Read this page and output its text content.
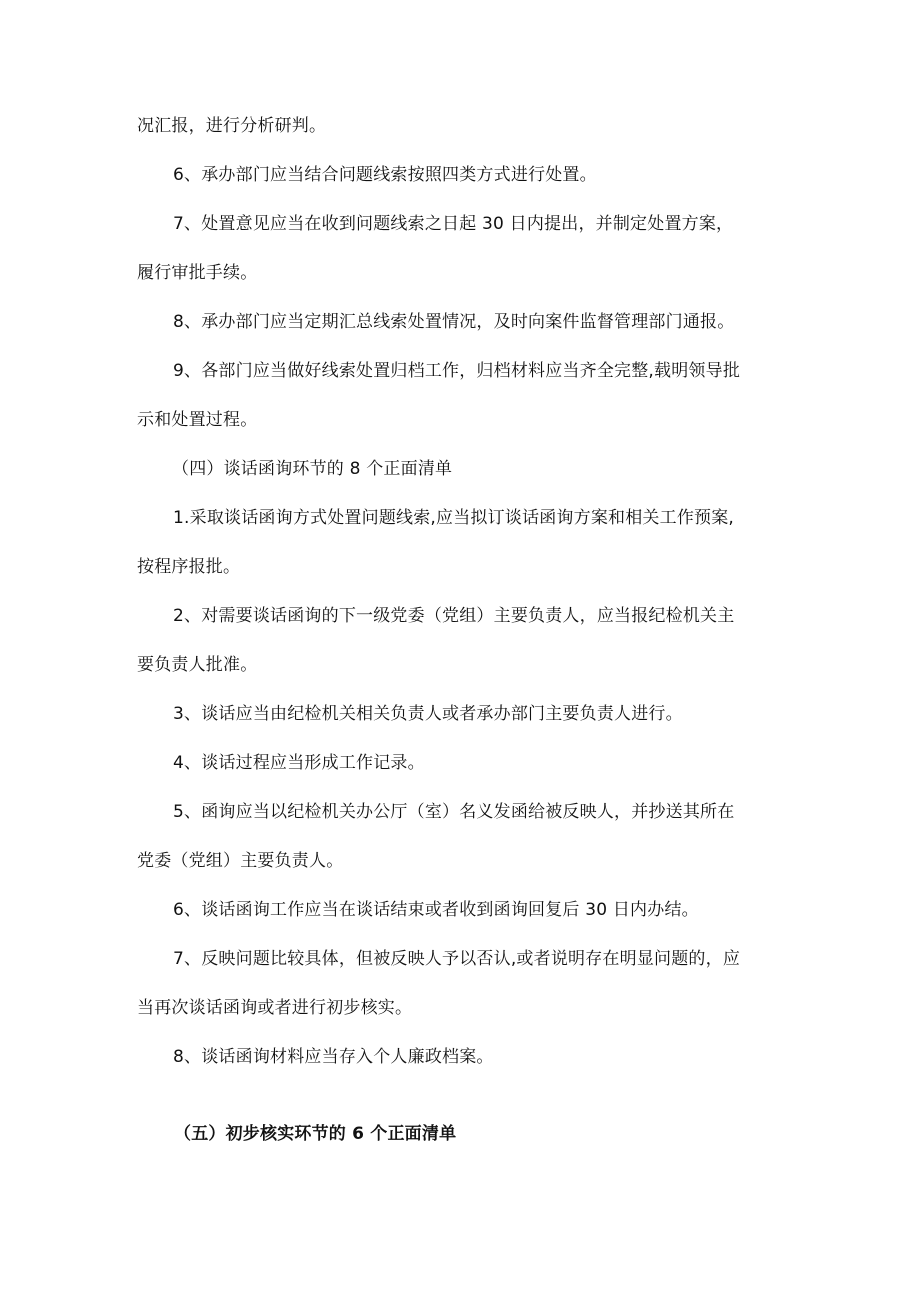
况汇报，进行分析研判。
6、承办部门应当结合问题线索按照四类方式进行处置。
7、处置意见应当在收到问题线索之日起 30 日内提出，并制定处置方案，
履行审批手续。
8、承办部门应当定期汇总线索处置情况，及时向案件监督管理部门通报。
9、各部门应当做好线索处置归档工作，归档材料应当齐全完整,载明领导批
示和处置过程。
（四）谈话函询环节的 8 个正面清单
1.采取谈话函询方式处置问题线索,应当拟订谈话函询方案和相关工作预案,
按程序报批。
2、对需要谈话函询的下一级党委（党组）主要负责人，应当报纪检机关主
要负责人批准。
3、谈话应当由纪检机关相关负责人或者承办部门主要负责人进行。
4、谈话过程应当形成工作记录。
5、函询应当以纪检机关办公厅（室）名义发函给被反映人，并抄送其所在
党委（党组）主要负责人。
6、谈话函询工作应当在谈话结束或者收到函询回复后 30 日内办结。
7、反映问题比较具体，但被反映人予以否认,或者说明存在明显问题的，应
当再次谈话函询或者进行初步核实。
8、谈话函询材料应当存入个人廉政档案。
（五）初步核实环节的 6 个正面清单
